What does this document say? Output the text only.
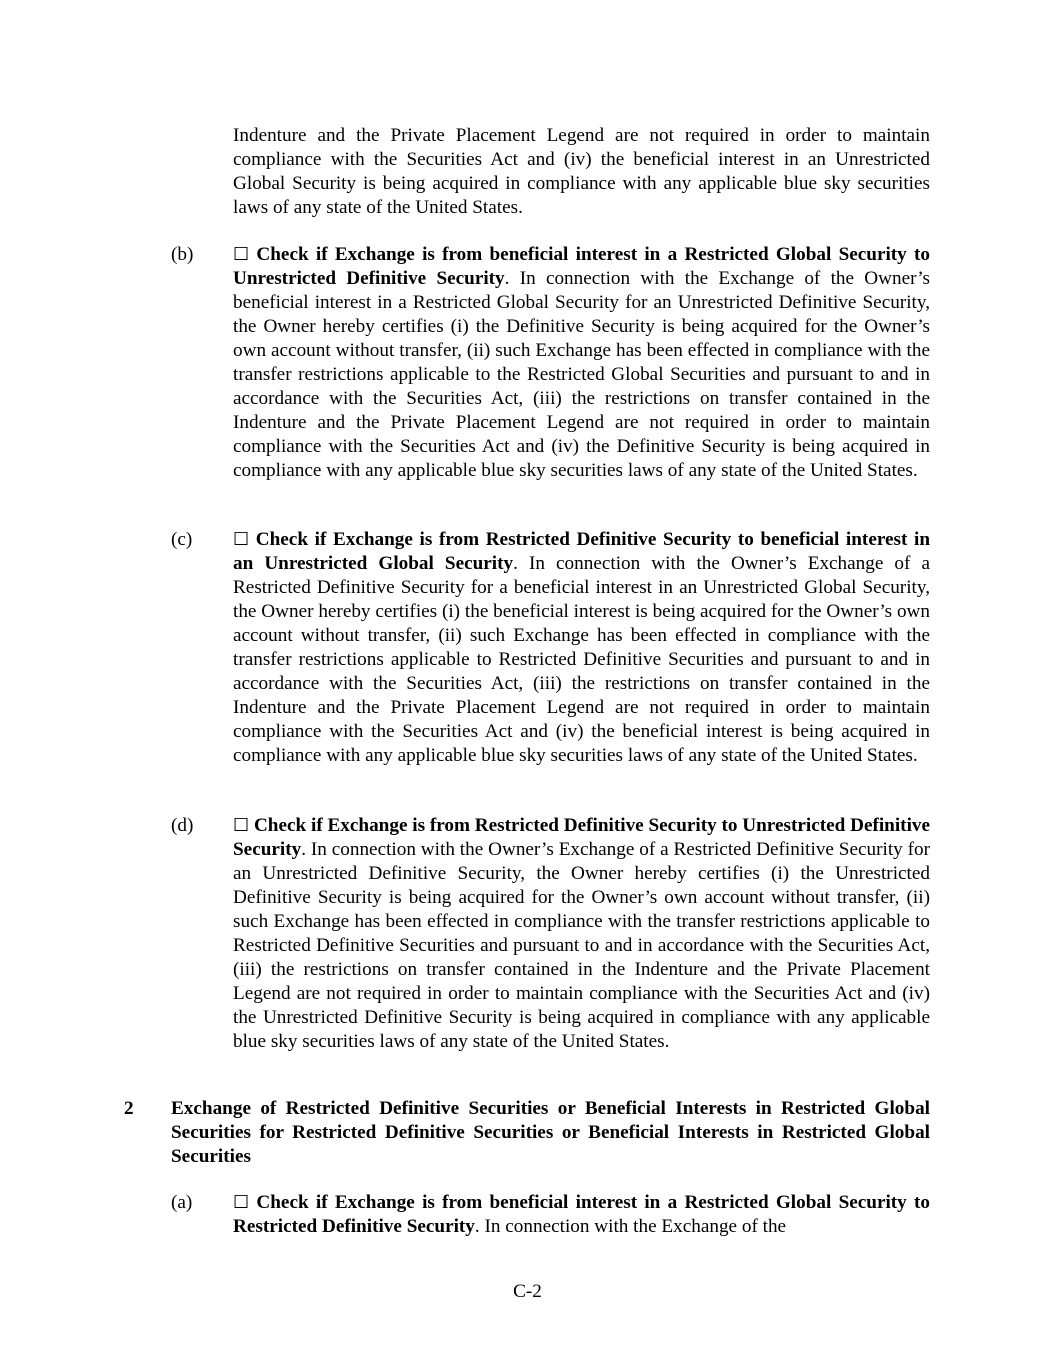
Indenture and the Private Placement Legend are not required in order to maintain compliance with the Securities Act and (iv) the beneficial interest in an Unrestricted Global Security is being acquired in compliance with any applicable blue sky securities laws of any state of the United States.
(b) ☐ Check if Exchange is from beneficial interest in a Restricted Global Security to Unrestricted Definitive Security. In connection with the Exchange of the Owner’s beneficial interest in a Restricted Global Security for an Unrestricted Definitive Security, the Owner hereby certifies (i) the Definitive Security is being acquired for the Owner’s own account without transfer, (ii) such Exchange has been effected in compliance with the transfer restrictions applicable to the Restricted Global Securities and pursuant to and in accordance with the Securities Act, (iii) the restrictions on transfer contained in the Indenture and the Private Placement Legend are not required in order to maintain compliance with the Securities Act and (iv) the Definitive Security is being acquired in compliance with any applicable blue sky securities laws of any state of the United States.
(c) ☐ Check if Exchange is from Restricted Definitive Security to beneficial interest in an Unrestricted Global Security. In connection with the Owner’s Exchange of a Restricted Definitive Security for a beneficial interest in an Unrestricted Global Security, the Owner hereby certifies (i) the beneficial interest is being acquired for the Owner’s own account without transfer, (ii) such Exchange has been effected in compliance with the transfer restrictions applicable to Restricted Definitive Securities and pursuant to and in accordance with the Securities Act, (iii) the restrictions on transfer contained in the Indenture and the Private Placement Legend are not required in order to maintain compliance with the Securities Act and (iv) the beneficial interest is being acquired in compliance with any applicable blue sky securities laws of any state of the United States.
(d) ☐ Check if Exchange is from Restricted Definitive Security to Unrestricted Definitive Security. In connection with the Owner’s Exchange of a Restricted Definitive Security for an Unrestricted Definitive Security, the Owner hereby certifies (i) the Unrestricted Definitive Security is being acquired for the Owner’s own account without transfer, (ii) such Exchange has been effected in compliance with the transfer restrictions applicable to Restricted Definitive Securities and pursuant to and in accordance with the Securities Act, (iii) the restrictions on transfer contained in the Indenture and the Private Placement Legend are not required in order to maintain compliance with the Securities Act and (iv) the Unrestricted Definitive Security is being acquired in compliance with any applicable blue sky securities laws of any state of the United States.
2 Exchange of Restricted Definitive Securities or Beneficial Interests in Restricted Global Securities for Restricted Definitive Securities or Beneficial Interests in Restricted Global Securities
(a) ☐ Check if Exchange is from beneficial interest in a Restricted Global Security to Restricted Definitive Security. In connection with the Exchange of the
C-2
